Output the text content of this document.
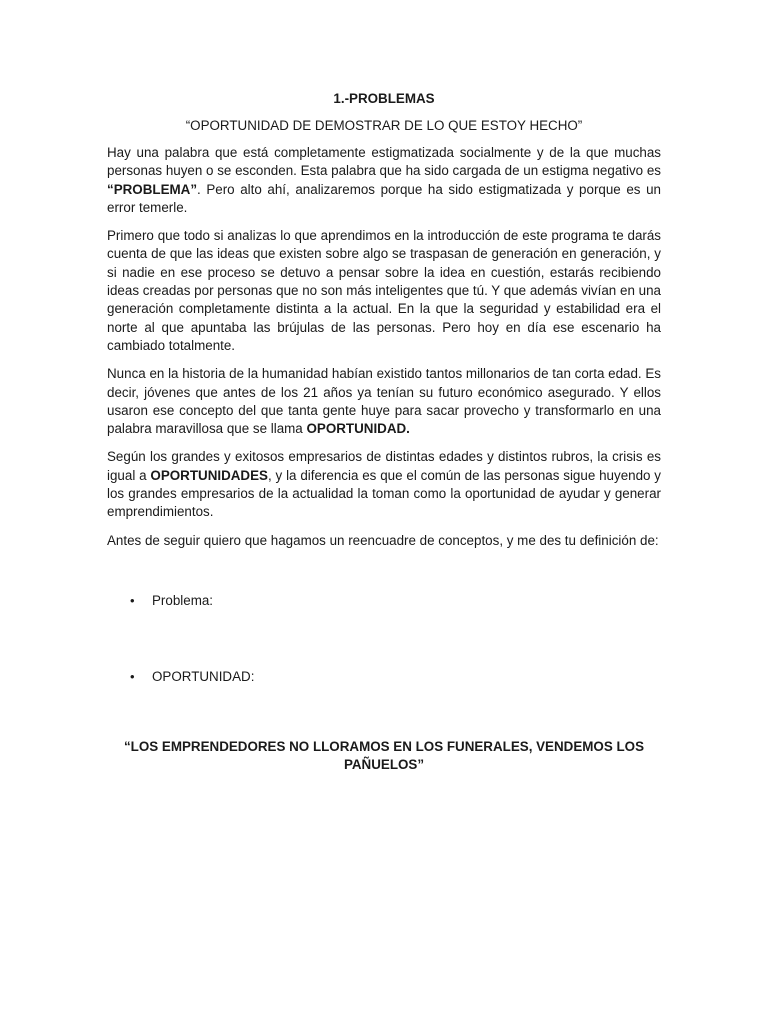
1.-PROBLEMAS
“OPORTUNIDAD DE DEMOSTRAR DE LO QUE ESTOY HECHO”

Hay una palabra que está completamente estigmatizada socialmente y de la que muchas personas huyen o se esconden. Esta palabra que ha sido cargada de un estigma negativo es “PROBLEMA”. Pero alto ahí, analizaremos porque ha sido estigmatizada y porque es un error temerle.

Primero que todo si analizas lo que aprendimos en la introducción de este programa te darás cuenta de que las ideas que existen sobre algo se traspasan de generación en generación, y si nadie en ese proceso se detuvo a pensar sobre la idea en cuestión, estarás recibiendo ideas creadas por personas que no son más inteligentes que tú. Y que además vivían en una generación completamente distinta a la actual. En la que la seguridad y estabilidad era el norte al que apuntaba las brújulas de las personas. Pero hoy en día ese escenario ha cambiado totalmente.

Nunca en la historia de la humanidad habían existido tantos millonarios de tan corta edad. Es decir, jóvenes que antes de los 21 años ya tenían su futuro económico asegurado. Y ellos usaron ese concepto del que tanta gente huye para sacar provecho y transformarlo en una palabra maravillosa que se llama OPORTUNIDAD.

Según los grandes y exitosos empresarios de distintas edades y distintos rubros, la crisis es igual a OPORTUNIDADES, y la diferencia es que el común de las personas sigue huyendo y los grandes empresarios de la actualidad la toman como la oportunidad de ayudar y generar emprendimientos.

Antes de seguir quiero que hagamos un reencuadre de conceptos, y me des tu definición de:

• Problema:
• OPORTUNIDAD:
“LOS EMPRENDEDORES NO LLORAMOS EN LOS FUNERALES, VENDEMOS LOS PAÑUELOS”
